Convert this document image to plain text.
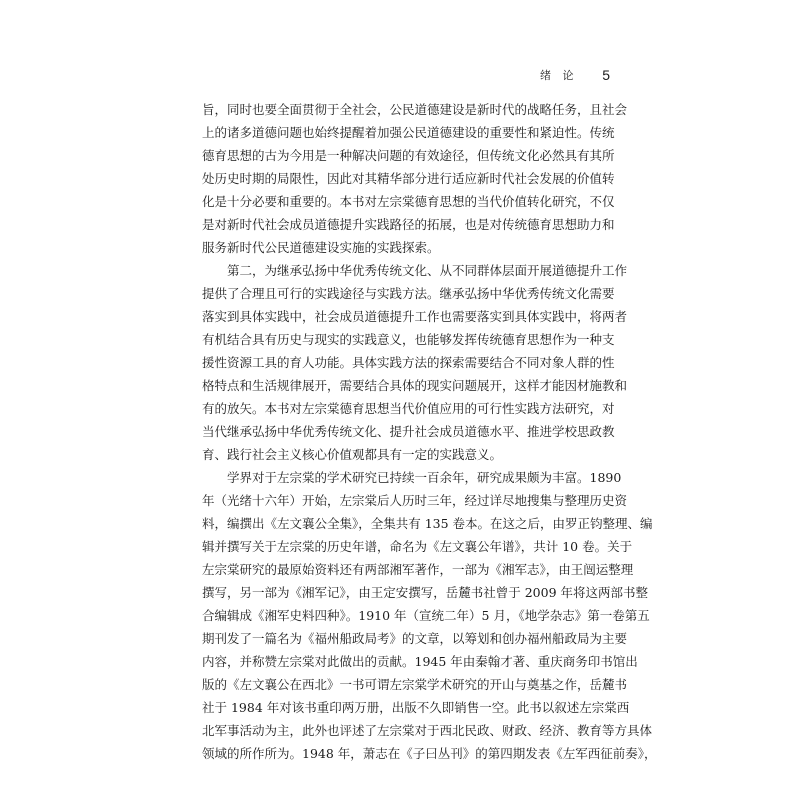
绪 论 5
旨，同时也要全面贯彻于全社会，公民道德建设是新时代的战略任务，且社会
上的诸多道德问题也始终提醒着加强公民道德建设的重要性和紧迫性。传统
德育思想的古为今用是一种解决问题的有效途径，但传统文化必然具有其所
处历史时期的局限性，因此对其精华部分进行适应新时代社会发展的价值转
化是十分必要和重要的。本书对左宗棠德育思想的当代价值转化研究，不仅
是对新时代社会成员道德提升实践路径的拓展，也是对传统德育思想助力和
服务新时代公民道德建设实施的实践探索。
第二，为继承弘扬中华优秀传统文化、从不同群体层面开展道德提升工作
提供了合理且可行的实践途径与实践方法。继承弘扬中华优秀传统文化需要
落实到具体实践中，社会成员道德提升工作也需要落实到具体实践中，将两者
有机结合具有历史与现实的实践意义，也能够发挥传统德育思想作为一种支
援性资源工具的育人功能。具体实践方法的探索需要结合不同对象人群的性
格特点和生活规律展开，需要结合具体的现实问题展开，这样才能因材施教和
有的放矢。本书对左宗棠德育思想当代价值应用的可行性实践方法研究，对
当代继承弘扬中华优秀传统文化、提升社会成员道德水平、推进学校思政教
育、践行社会主义核心价值观都具有一定的实践意义。
学界对于左宗棠的学术研究已持续一百余年，研究成果颇为丰富。1890
年（光绪十六年）开始，左宗棠后人历时三年，经过详尽地搜集与整理历史资
料，编撰出《左文襄公全集》，全集共有 135 卷本。在这之后，由罗正钧整理、编
辑并撰写关于左宗棠的历史年谱，命名为《左文襄公年谱》，共计 10 卷。关于
左宗棠研究的最原始资料还有两部湘军著作，一部为《湘军志》，由王闿运整理
撰写，另一部为《湘军记》，由王定安撰写，岳麓书社曾于 2009 年将这两部书整
合编辑成《湘军史料四种》。1910 年（宣统二年）5 月，《地学杂志》第一卷第五
期刊发了一篇名为《福州船政局考》的文章，以筹划和创办福州船政局为主要
内容，并称赞左宗棠对此做出的贡献。1945 年由秦翰才著、重庆商务印书馆出
版的《左文襄公在西北》一书可谓左宗棠学术研究的开山与奠基之作，岳麓书
社于 1984 年对该书重印两万册，出版不久即销售一空。此书以叙述左宗棠西
北军事活动为主，此外也评述了左宗棠对于西北民政、财政、经济、教育等方具体
领域的所作所为。1948 年，萧志在《子曰丛刊》的第四期发表《左军西征前奏》，
